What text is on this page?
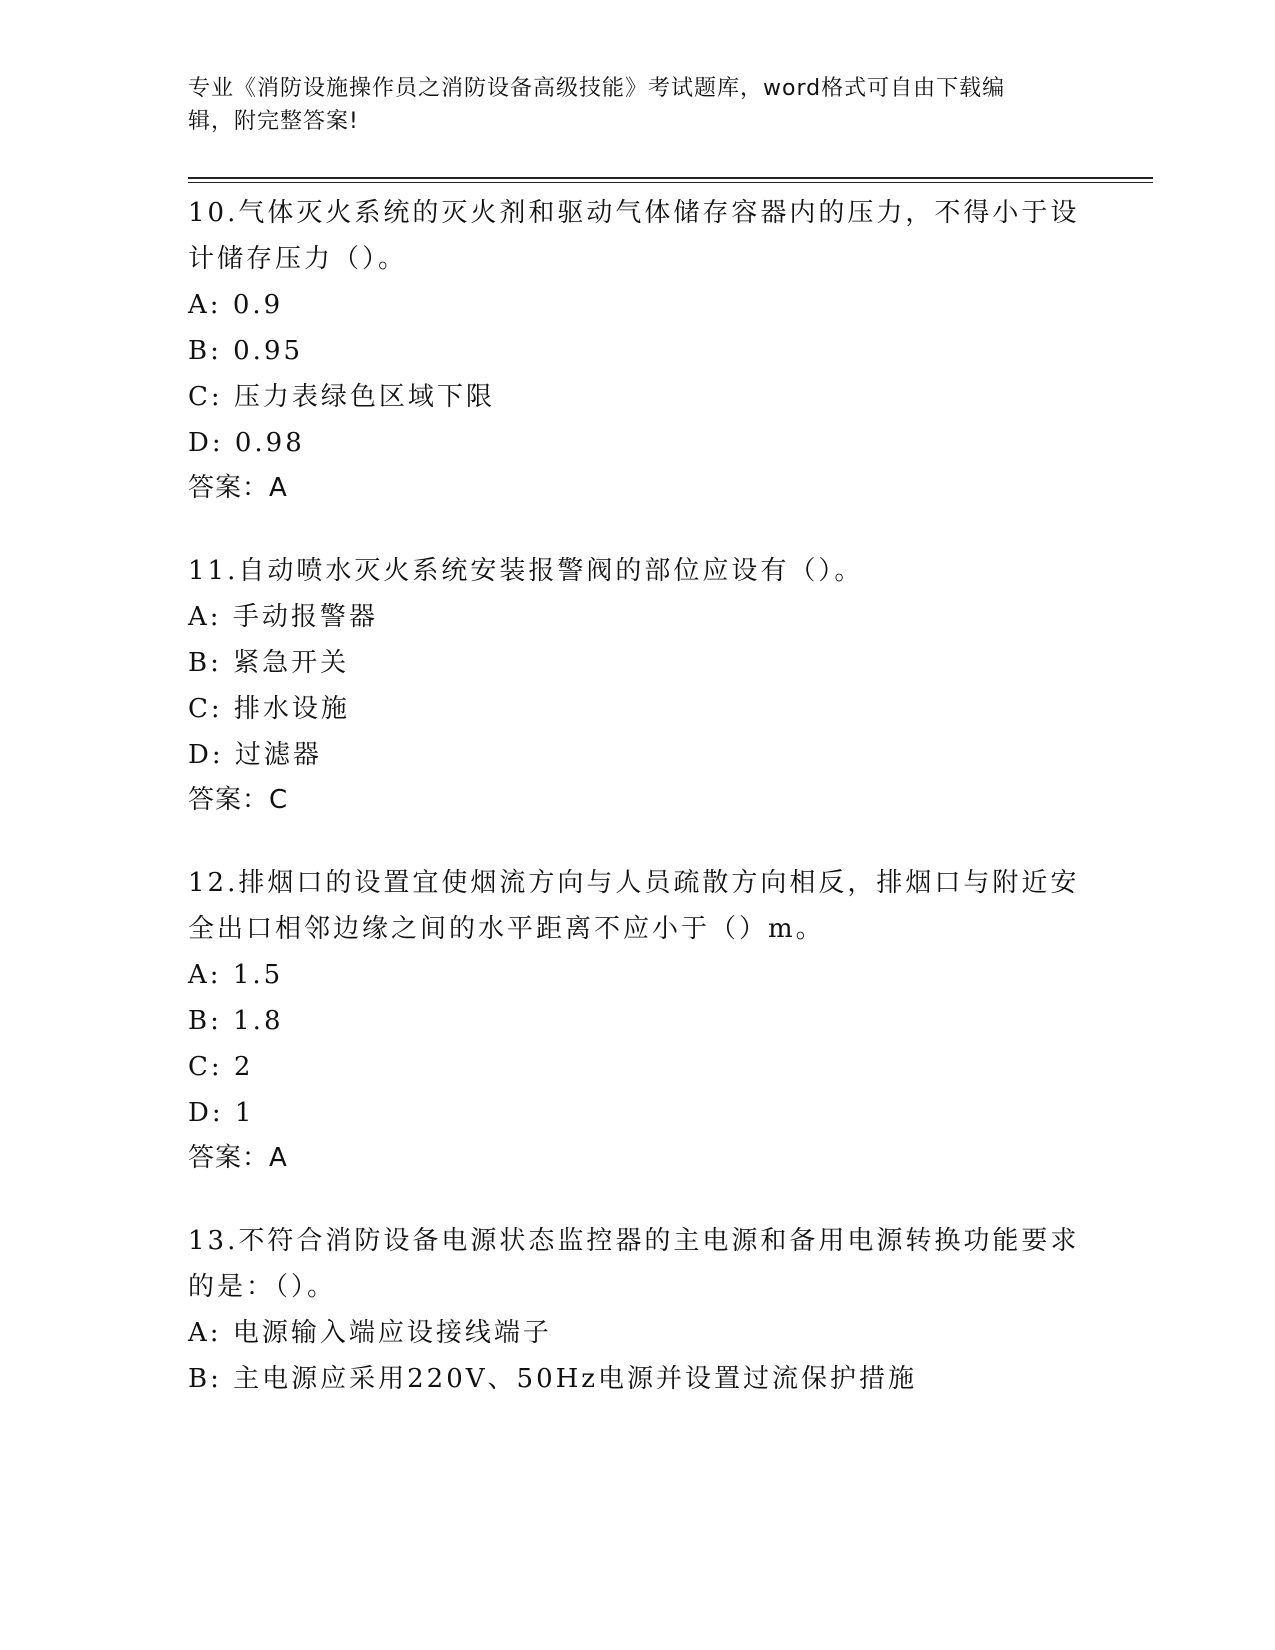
专业《消防设施操作员之消防设备高级技能》考试题库，word格式可自由下载编
辑，附完整答案!

10.气体灭火系统的灭火剂和驱动气体储存容器内的压力，不得小于设计储存压力（）。

A: 0.9

B: 0.95

C: 压力表绿色区域下限

D: 0.98

答案：A

11.自动喷水灭火系统安装报警阀的部位应设有（）。

A: 手动报警器

B: 紧急开关

C: 排水设施

D: 过滤器

答案：C

12.排烟口的设置宜使烟流方向与人员疏散方向相反，排烟口与附近安全出口相邻边缘之间的水平距离不应小于（）m。

A: 1.5

B: 1.8

C: 2

D: 1

答案：A

13.不符合消防设备电源状态监控器的主电源和备用电源转换功能要求的是：（）。

A: 电源输入端应设接线端子

B: 主电源应采用220V、50Hz电源并设置过流保护措施
